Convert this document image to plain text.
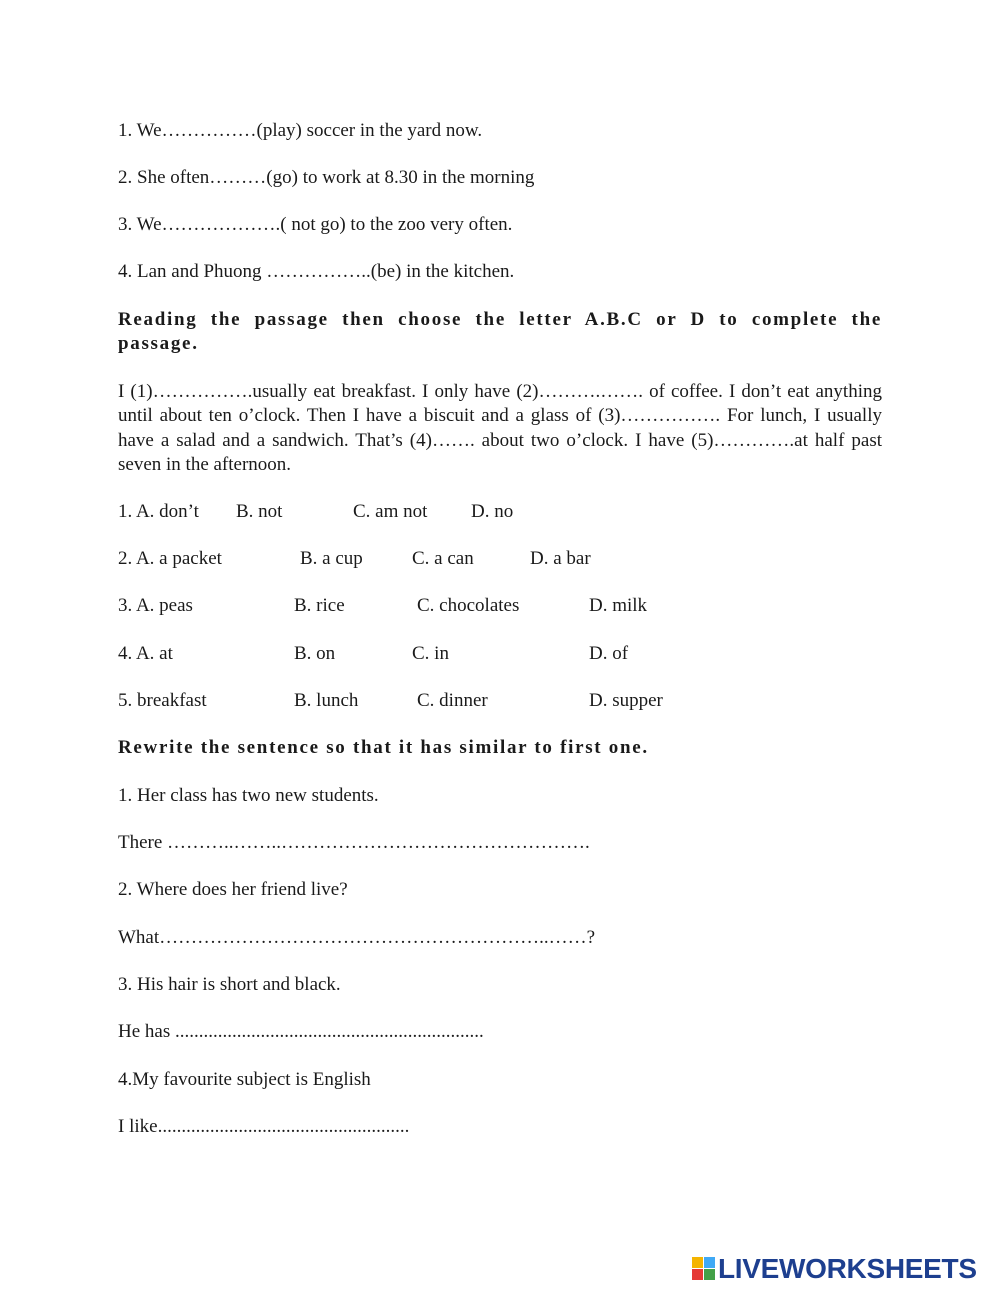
1. We……………(play) soccer in the yard now.
2. She often………(go) to work at 8.30 in the morning
3. We……………….( not go) to the zoo very often.
4. Lan and Phuong ……………..(be) in the kitchen.
Reading the passage then choose the letter A.B.C or D to complete the passage.
I (1)…………….usually eat breakfast. I only have (2)……….……. of coffee. I don’t eat anything until about ten o’clock. Then I have a biscuit and a glass of (3)……………. For lunch, I usually have a salad and a sandwich. That’s (4)……. about two o’clock. I have (5)………….at half past seven in the afternoon.
1. A. don’t B. not	C. am not D. no
2. A. a packet	B. a cup	C. a can	D. a bar
3. A. peas	B. rice	C. chocolates	D. milk
4. A. at	B. on	C. in	D. of
5. breakfast	B. lunch	C. dinner	D. supper
Rewrite the sentence so that it has similar to first one.
1. Her class has two new students.
There ………..……..………………………………………….
2. Where does her friend live?
What……………………………………………………..……?
3. His hair is short and black.
He has .................................................................
4.My favourite subject is English
I like.....................................................
LIVEWORKSHEETS
